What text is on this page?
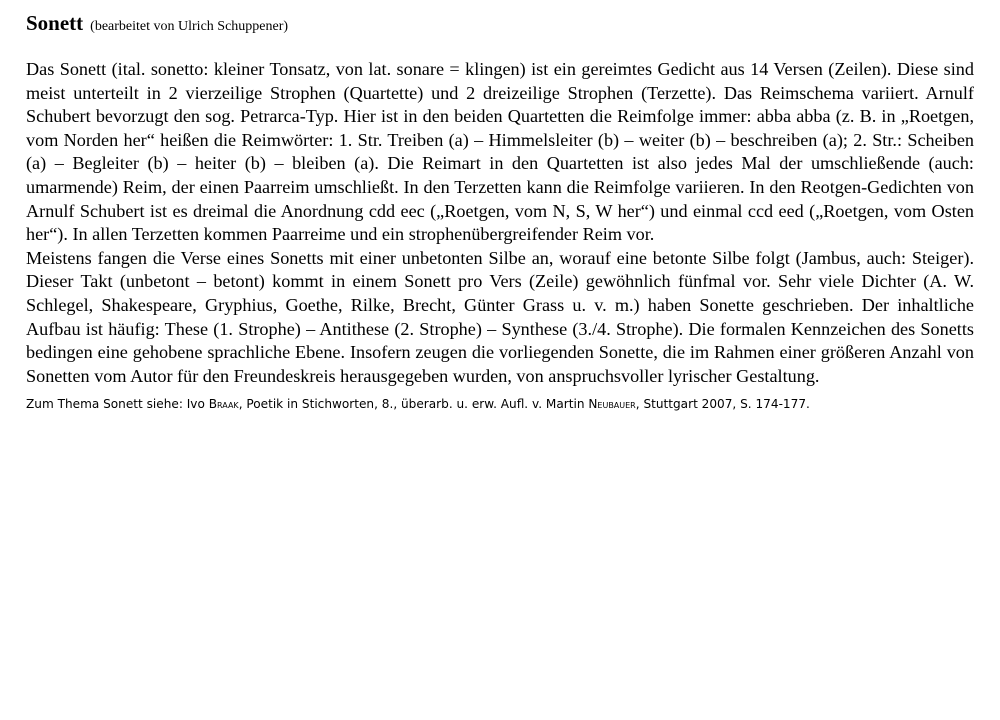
Sonett (bearbeitet von Ulrich Schuppener)

Das Sonett (ital. sonetto: kleiner Tonsatz, von lat. sonare = klingen) ist ein gereimtes Gedicht aus 14 Versen (Zeilen). Diese sind meist unterteilt in 2 vierzeilige Strophen (Quartette) und 2 dreizeilige Strophen (Terzette). Das Reimschema variiert. Arnulf Schubert bevorzugt den sog. Petrarca-Typ. Hier ist in den beiden Quartetten die Reimfolge immer: abba abba (z. B. in „Roetgen, vom Norden her“ heißen die Reimwörter: 1. Str. Treiben (a) – Himmelsleiter (b) – weiter (b) – beschreiben (a); 2. Str.: Scheiben (a) – Begleiter (b) – heiter (b) – bleiben (a). Die Reimart in den Quartetten ist also jedes Mal der umschließende (auch: umarmende) Reim, der einen Paarreim umschließt. In den Terzetten kann die Reimfolge variieren. In den Reotgen-Gedichten von Arnulf Schubert ist es dreimal die Anordnung cdd eec („Roetgen, vom N, S, W her“) und einmal ccd eed („Roetgen, vom Osten her“). In allen Terzetten kommen Paarreime und ein strophenübergreifender Reim vor.

Meistens fangen die Verse eines Sonetts mit einer unbetonten Silbe an, worauf eine betonte Silbe folgt (Jambus, auch: Steiger). Dieser Takt (unbetont – betont) kommt in einem Sonett pro Vers (Zeile) gewöhnlich fünfmal vor. Sehr viele Dichter (A. W. Schlegel, Shakespeare, Gryphius, Goethe, Rilke, Brecht, Günter Grass u. v. m.) haben Sonette geschrieben. Der inhaltliche Aufbau ist häufig: These (1. Strophe) – Antithese (2. Strophe) – Synthese (3./4. Strophe). Die formalen Kennzeichen des Sonetts bedingen eine gehobene sprachliche Ebene. Insofern zeugen die vorliegenden Sonette, die im Rahmen einer größeren Anzahl von Sonetten vom Autor für den Freundeskreis herausgegeben wurden, von anspruchsvoller lyrischer Gestaltung.

Zum Thema Sonett siehe: Ivo Braak, Poetik in Stichworten, 8., überarb. u. erw. Aufl. v. Martin Neubauer, Stuttgart 2007, S. 174-177.
